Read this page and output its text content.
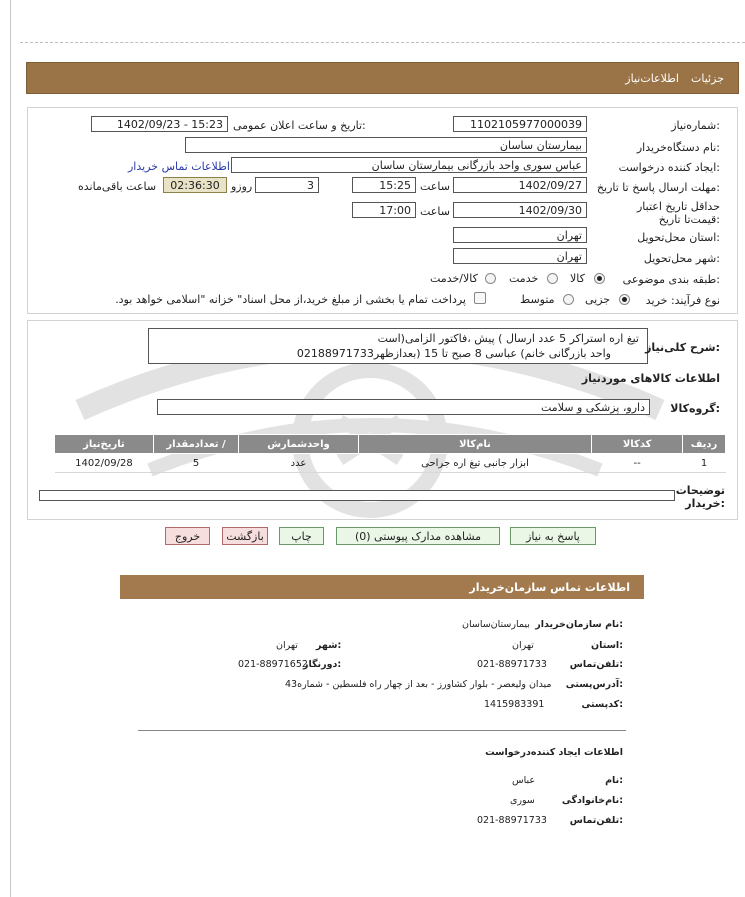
جزئیات
اطلاعات‌نیاز
شماره‌نیاز:
1102105977000039
تاریخ و ساعت اعلان عمومی:
1402/09/23 - 15:23
نام دستگاه‌خریدار:
بیمارستان ساسان
ایجاد کننده درخواست:
عباس سوری واحد بازرگانی بیمارستان ساسان
اطلاعات تماس خریدار
مهلت ارسال پاسخ تا تاریخ:
1402/09/27
ساعت
15:25
3
روزو
02:36:30
ساعت باقی‌مانده
حداقل تاریخ اعتبار قیمت‌تا تاریخ:
1402/09/30
ساعت
17:00
استان محل‌تحویل:
تهران
شهر محل‌تحویل:
تهران
طبقه بندی موضوعی:
کالا
خدمت
کالا/خدمت
نوع فرآیند: خرید
جزیی
متوسط
پرداخت تمام یا بخشی از مبلغ خرید،از محل اسناد" خزانه "اسلامی خواهد بود.
تیغ اره استراکر 5 عدد ارسال ) پیش ،فاکتور الزامی(است
واحد بازرگانی خانم) عباسی 8 صبح تا 15 (بعدازظهر02188971733	شرح کلی‌نیاز:
اطلاعات کالاهای موردنیاز
گروه‌کالا:
دارو، پزشکی و سلامت
تاریخ‌نیاز	تعدادمقدار /	واحدشمارش	نام‌کالا	کدکالا	ردیف
1402/09/28	5	عدد	ابزار جانبی تیغ اره جراحی	--	1
توضیحات خریدار:
پاسخ به نیاز
مشاهده مدارک پیوستی (0)
چاپ
بازگشت
خروج
اطلاعات تماس سازمان‌خریدار
نام سازمان‌خریدار:
بیمارستان‌ساسان
استان:
تهران
شهر:
تهران
تلفن‌تماس:
021-88971733
دورنگار:
021-88971652
آدرس‌پستی:
میدان ولیعصر - بلوار کشاورز - بعد از چهار راه فلسطین - شماره43
کد‌پستی:
1415983391
اطلاعات ایجاد کننده‌درخواست
نام:
عباس
نام‌خانوادگی:
سوری
تلفن‌تماس:
021-88971733
